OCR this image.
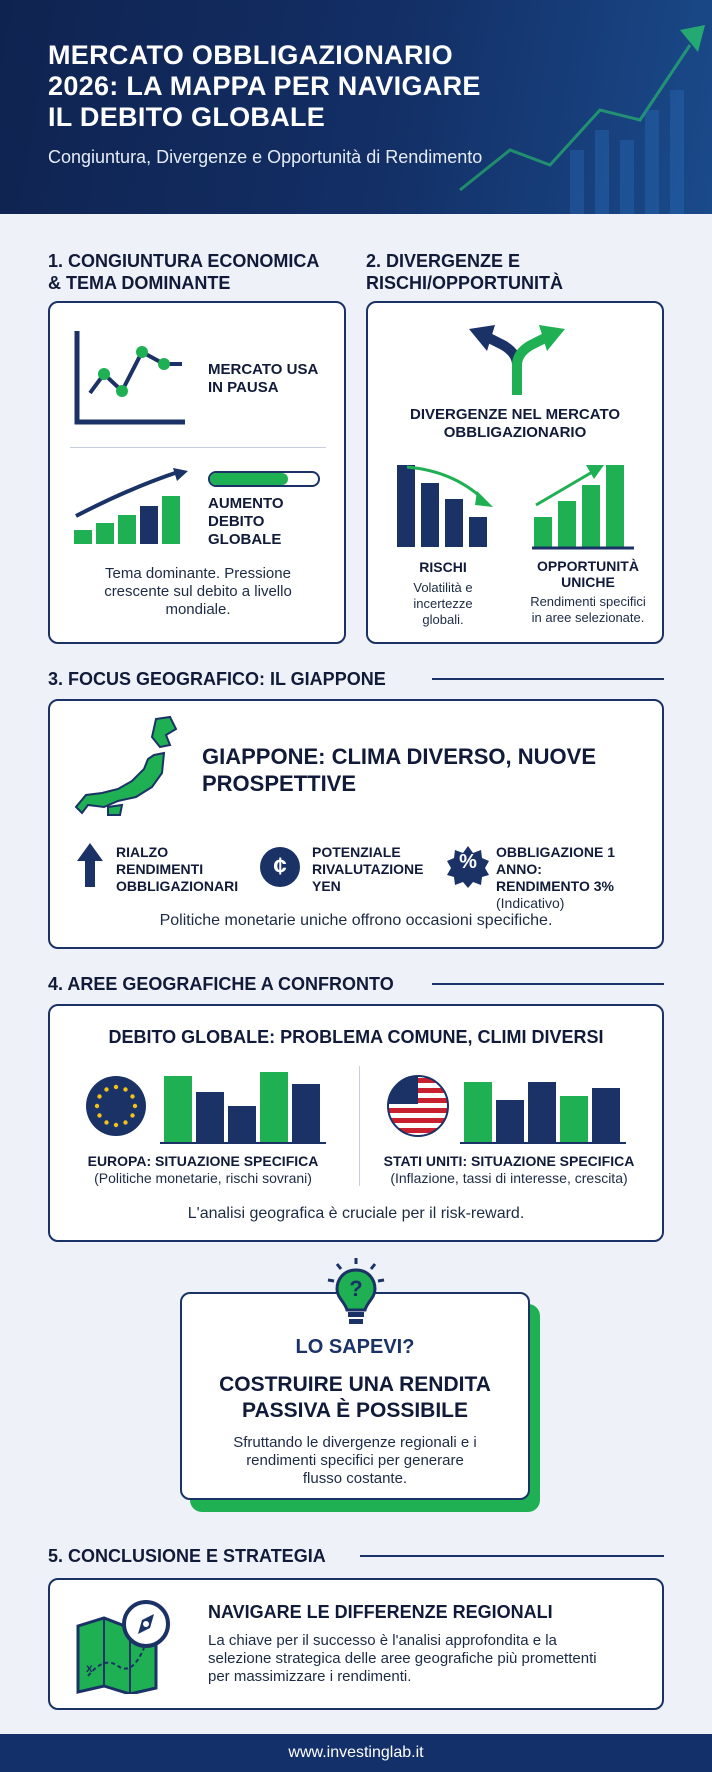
MERCATO OBBLIGAZIONARIO
2026: LA MAPPA PER NAVIGARE
IL DEBITO GLOBALE
Congiuntura, Divergenze e Opportunità di Rendimento
1. CONGIUNTURA ECONOMICA
& TEMA DOMINANTE
MERCATO USA
IN PAUSA
AUMENTO
DEBITO
GLOBALE
Tema dominante. Pressione
crescente sul debito a livello
mondiale.
2. DIVERGENZE E
RISCHI/OPPORTUNITÀ
DIVERGENZE NEL MERCATO
OBBLIGAZIONARIO
RISCHI
Volatilità e
incertezze
globali.
OPPORTUNITÀ
UNICHE
Rendimenti specifici
in aree selezionate.
3. FOCUS GEOGRAFICO: IL GIAPPONE
GIAPPONE: CLIMA DIVERSO, NUOVE
PROSPETTIVE
RIALZO
RENDIMENTI
OBBLIGAZIONARI
¢
POTENZIALE
RIVALUTAZIONE
YEN
%	OBBLIGAZIONE 1 ANNO:
RENDIMENTO 3%
(Indicativo)
Politiche monetarie uniche offrono occasioni specifiche.
4. AREE GEOGRAFICHE A CONFRONTO
DEBITO GLOBALE: PROBLEMA COMUNE, CLIMI DIVERSI
EUROPA: SITUAZIONE SPECIFICA
(Politiche monetarie, rischi sovrani)
STATI UNITI: SITUAZIONE SPECIFICA
(Inflazione, tassi di interesse, crescita)
L'analisi geografica è cruciale per il risk-reward.
LO SAPEVI?
COSTRUIRE UNA RENDITA
PASSIVA È POSSIBILE
Sfruttando le divergenze regionali e i
rendimenti specifici per generare
flusso costante.
?
5. CONCLUSIONE E STRATEGIA
x
NAVIGARE LE DIFFERENZE REGIONALI
La chiave per il successo è l'analisi approfondita e la
selezione strategica delle aree geografiche più promettenti
per massimizzare i rendimenti.
www.investinglab.it
